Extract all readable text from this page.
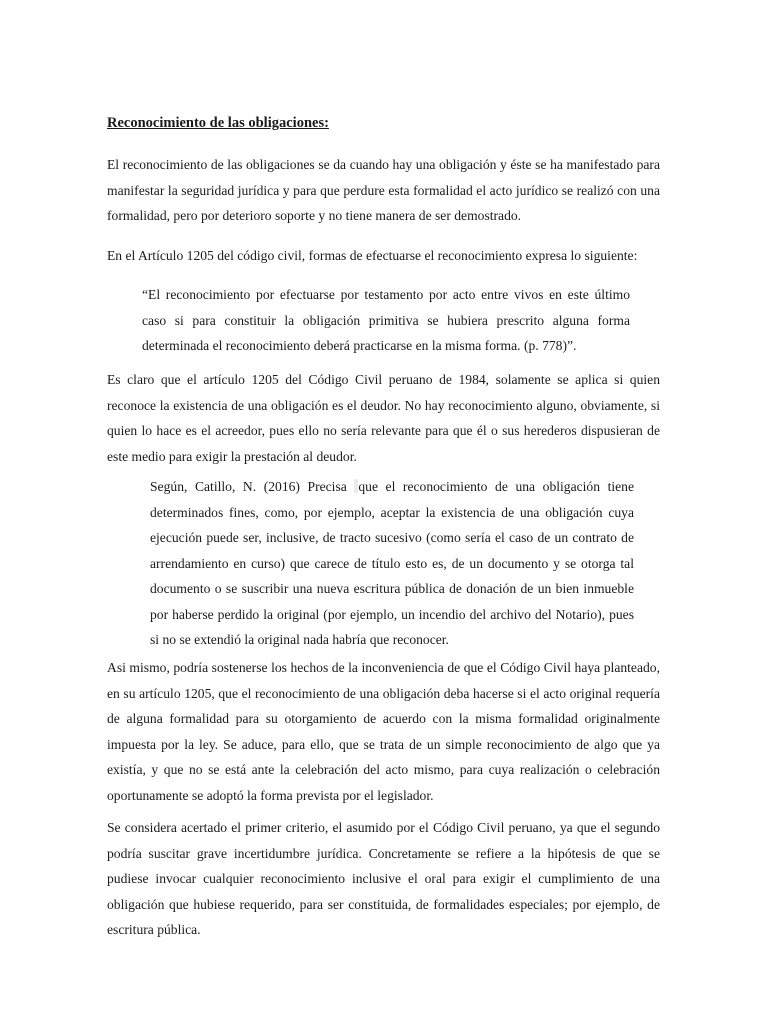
Reconocimiento de las obligaciones:

El reconocimiento de las obligaciones se da cuando hay una obligación y éste se ha manifestado para manifestar la seguridad jurídica y para que perdure esta formalidad el acto jurídico se realizó con una formalidad, pero por deterioro soporte y no tiene manera de ser demostrado.

En el Artículo 1205 del código civil, formas de efectuarse el reconocimiento expresa lo siguiente:

“El reconocimiento por efectuarse por testamento por acto entre vivos en este último caso si para constituir la obligación primitiva se hubiera prescrito alguna forma determinada el reconocimiento deberá practicarse en la misma forma. (p. 778)”.

Es claro que el artículo 1205 del Código Civil peruano de 1984, solamente se aplica si quien reconoce la existencia de una obligación es el deudor. No hay reconocimiento alguno, obviamente, si quien lo hace es el acreedor, pues ello no sería relevante para que él o sus herederos dispusieran de este medio para exigir la prestación al deudor.

Según, Catillo, N. (2016) Precisa que el reconocimiento de una obligación tiene determinados fines, como, por ejemplo, aceptar la existencia de una obligación cuya ejecución puede ser, inclusive, de tracto sucesivo (como sería el caso de un contrato de arrendamiento en curso) que carece de título esto es, de un documento y se otorga tal documento o se suscribir una nueva escritura pública de donación de un bien inmueble por haberse perdido la original (por ejemplo, un incendio del archivo del Notario), pues si no se extendió la original nada habría que reconocer.

Asi mismo, podría sostenerse los hechos de la inconveniencia de que el Código Civil haya planteado, en su artículo 1205, que el reconocimiento de una obligación deba hacerse si el acto original requería de alguna formalidad para su otorgamiento de acuerdo con la misma formalidad originalmente impuesta por la ley. Se aduce, para ello, que se trata de un simple reconocimiento de algo que ya existía, y que no se está ante la celebración del acto mismo, para cuya realización o celebración oportunamente se adoptó la forma prevista por el legislador.

Se considera acertado el primer criterio, el asumido por el Código Civil peruano, ya que el segundo podría suscitar grave incertidumbre jurídica. Concretamente se refiere a la hipótesis de que se pudiese invocar cualquier reconocimiento inclusive el oral para exigir el cumplimiento de una obligación que hubiese requerido, para ser constituida, de formalidades especiales; por ejemplo, de escritura pública.
